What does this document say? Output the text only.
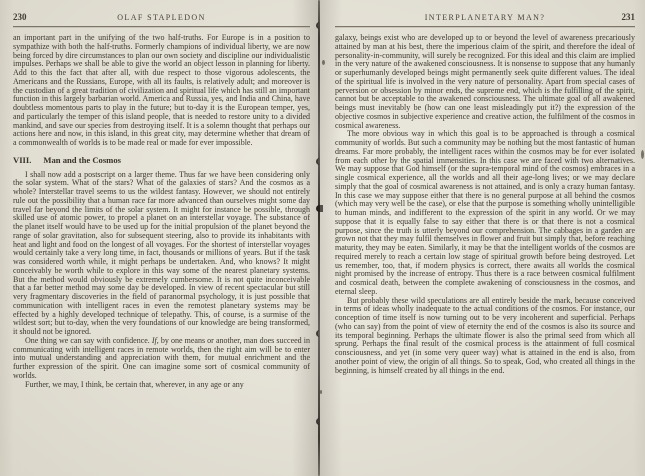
230	OLAF STAPLEDON

an important part in the unifying of the two half-truths. For Europe is in a position to sympathize with both the half-truths. Formerly champions of individual liberty, we are now being forced by dire circumstances to plan our own society and discipline our individualistic impulses. Perhaps we shall be able to give the world an object lesson in planning for liberty. Add to this the fact that after all, with due respect to those vigorous adolescents, the Americans and the Russians, Europe, with all its faults, is relatively adult; and moreover is the custodian of a great tradition of civilization and spiritual life which has still an important function in this largely barbarian world. America and Russia, yes, and India and China, have doubtless momentous parts to play in the future; but to-day it is the European temper, yes, and particularly the temper of this island people, that is needed to restore unity to a divided mankind, and save our species from destroying itself. It is a solemn thought that perhaps our actions here and now, in this island, in this great city, may determine whether that dream of a commonwealth of worlds is to be made real or made for ever impossible.

VIII. Man and the Cosmos

I shall now add a postscript on a larger theme. Thus far we have been considering only the solar system. What of the stars? What of the galaxies of stars? And the cosmos as a whole? Interstellar travel seems to us the wildest fantasy. However, we should not entirely rule out the possibility that a human race far more advanced than ourselves might some day travel far beyond the limits of the solar system. It might for instance be possible, through skilled use of atomic power, to propel a planet on an interstellar voyage. The substance of the planet itself would have to be used up for the initial propulsion of the planet beyond the range of solar gravitation, also for subsequent steering, also to provide its inhabitants with heat and light and food on the longest of all voyages. For the shortest of interstellar voyages would certainly take a very long time, in fact, thousands or millions of years. But if the task was considered worth while, it might perhaps be undertaken. And, who knows? It might conceivably be worth while to explore in this way some of the nearest planetary systems. But the method would obviously be extremely cumbersome. It is not quite inconceivable that a far better method may some day be developed. In view of recent spectacular but still very fragmentary discoveries in the field of paranormal psychology, it is just possible that communication with intelligent races in even the remotest planetary systems may be effected by a highly developed technique of telepathy. This, of course, is a surmise of the wildest sort; but to-day, when the very foundations of our knowledge are being transformed, it should not be ignored.

One thing we can say with confidence. If, by one means or another, man does succeed in communicating with intelligent races in remote worlds, then the right aim will be to enter into mutual understanding and appreciation with them, for mutual enrichment and the further expression of the spirit. One can imagine some sort of cosmical community of worlds.

Further, we may, I think, be certain that, wherever, in any age or any

INTERPLANETARY MAN?	231

galaxy, beings exist who are developed up to or beyond the level of awareness precariously attained by man at his best, there the imperious claim of the spirit, and therefore the ideal of personality-in-community, will surely be recognized. For this ideal and this claim are implied in the very nature of the awakened consciousness. It is nonsense to suppose that any humanly or superhumanly developed beings might permanently seek quite different values. The ideal of the spiritual life is involved in the very nature of personality. Apart from special cases of perversion or obsession by minor ends, the supreme end, which is the fulfilling of the spirit, cannot but be acceptable to the awakened consciousness. The ultimate goal of all awakened beings must inevitably be (how can one least misleadingly put it?) the expression of the objective cosmos in subjective experience and creative action, the fulfilment of the cosmos in cosmical awareness.

The more obvious way in which this goal is to be approached is through a cosmical community of worlds. But such a community may be nothing but the most fantastic of human dreams. Far more probably, the intelligent races within the cosmos may be for ever isolated from each other by the spatial immensities. In this case we are faced with two alternatives. We may suppose that God himself (or the supra-temporal mind of the cosmos) embraces in a single cosmical experience, all the worlds and all their age-long lives; or we may declare simply that the goal of cosmical awareness is not attained, and is only a crazy human fantasy. In this case we may suppose either that there is no general purpose at all behind the cosmos (which may very well be the case), or else that the purpose is something wholly unintelligible to human minds, and indifferent to the expression of the spirit in any world. Or we may suppose that it is equally false to say either that there is or that there is not a cosmical purpose, since the truth is utterly beyond our comprehension. The cabbages in a garden are grown not that they may fulfil themselves in flower and fruit but simply that, before reaching maturity, they may be eaten. Similarly, it may be that the intelligent worlds of the cosmos are required merely to reach a certain low stage of spiritual growth before being destroyed. Let us remember, too, that, if modern physics is correct, there awaits all worlds the cosmical night promised by the increase of entropy. Thus there is a race between cosmical fulfilment and cosmical death, between the complete awakening of consciousness in the cosmos, and eternal sleep.

But probably these wild speculations are all entirely beside the mark, because conceived in terms of ideas wholly inadequate to the actual conditions of the cosmos. For instance, our conception of time itself is now turning out to be very incoherent and superficial. Perhaps (who can say) from the point of view of eternity the end of the cosmos is also its source and its temporal beginning. Perhaps the ultimate flower is also the primal seed from which all sprung. Perhaps the final result of the cosmical process is the attainment of full cosmical consciousness, and yet (in some very queer way) what is attained in the end is also, from another point of view, the origin of all things. So to speak, God, who created all things in the beginning, is himself created by all things in the end.
